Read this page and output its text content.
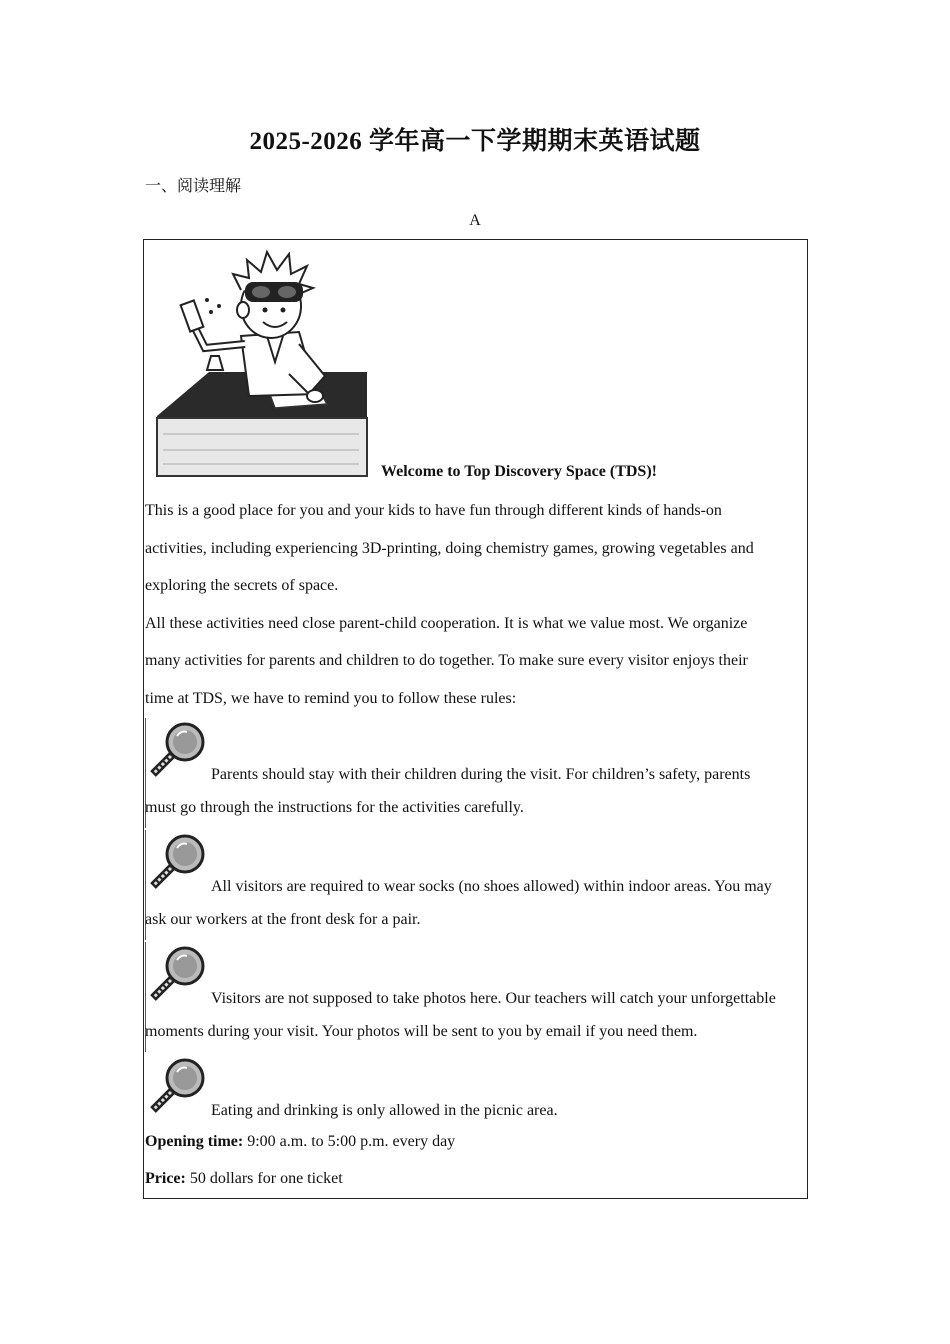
2025-2026 学年高一下学期期末英语试题
一、阅读理解
A
Welcome to Top Discovery Space (TDS)!
This is a good place for you and your kids to have fun through different kinds of hands-on
activities, including experiencing 3D-printing, doing chemistry games, growing vegetables and
exploring the secrets of space.
All these activities need close parent-child cooperation. It is what we value most. We organize
many activities for parents and children to do together. To make sure every visitor enjoys their
time at TDS, we have to remind you to follow these rules:
Parents should stay with their children during the visit. For children’s safety, parents
must go through the instructions for the activities carefully.
All visitors are required to wear socks (no shoes allowed) within indoor areas. You may
ask our workers at the front desk for a pair.
Visitors are not supposed to take photos here. Our teachers will catch your unforgettable
moments during your visit. Your photos will be sent to you by email if you need them.
Eating and drinking is only allowed in the picnic area.
Opening time: 9:00 a.m. to 5:00 p.m. every day
Price: 50 dollars for one ticket
